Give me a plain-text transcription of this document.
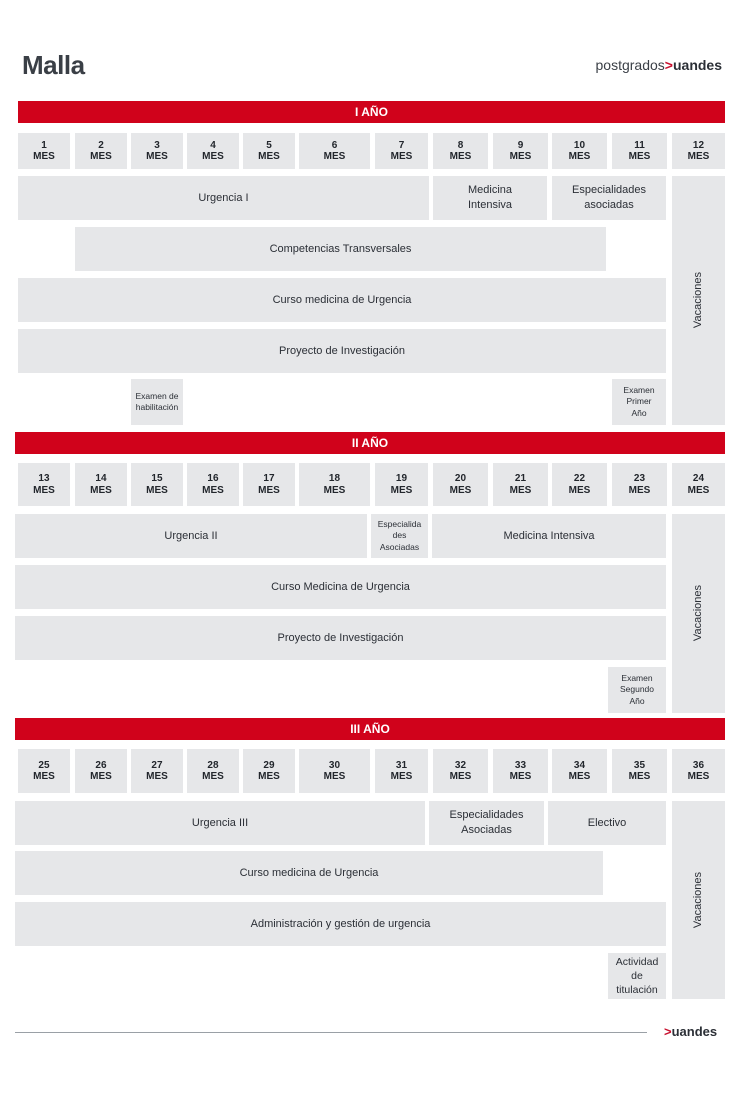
Malla	postgrados>uandes
I AÑO
1
MES
2
MES
3
MES
4
MES
5
MES
6
MES
7
MES
8
MES
9
MES
10
MES
11
MES
12
MES
Urgencia I
Medicina Intensiva
Especialidades asociadas
Competencias Transversales
Curso medicina de Urgencia
Proyecto de Investigación
Examen de habilitación
Examen Primer Año
Vacaciones
II AÑO
13
MES
14
MES
15
MES
16
MES
17
MES
18
MES
19
MES
20
MES
21
MES
22
MES
23
MES
24
MES
Urgencia II
Especialida des Asociadas
Medicina Intensiva
Curso Medicina de Urgencia
Proyecto de Investigación
Examen Segundo Año
Vacaciones
III AÑO
25
MES
26
MES
27
MES
28
MES
29
MES
30
MES
31
MES
32
MES
33
MES
34
MES
35
MES
36
MES
Urgencia III
Especialidades Asociadas
Electivo
Curso medicina de Urgencia
Administración y gestión de urgencia
Actividad de titulación
Vacaciones
>uandes
